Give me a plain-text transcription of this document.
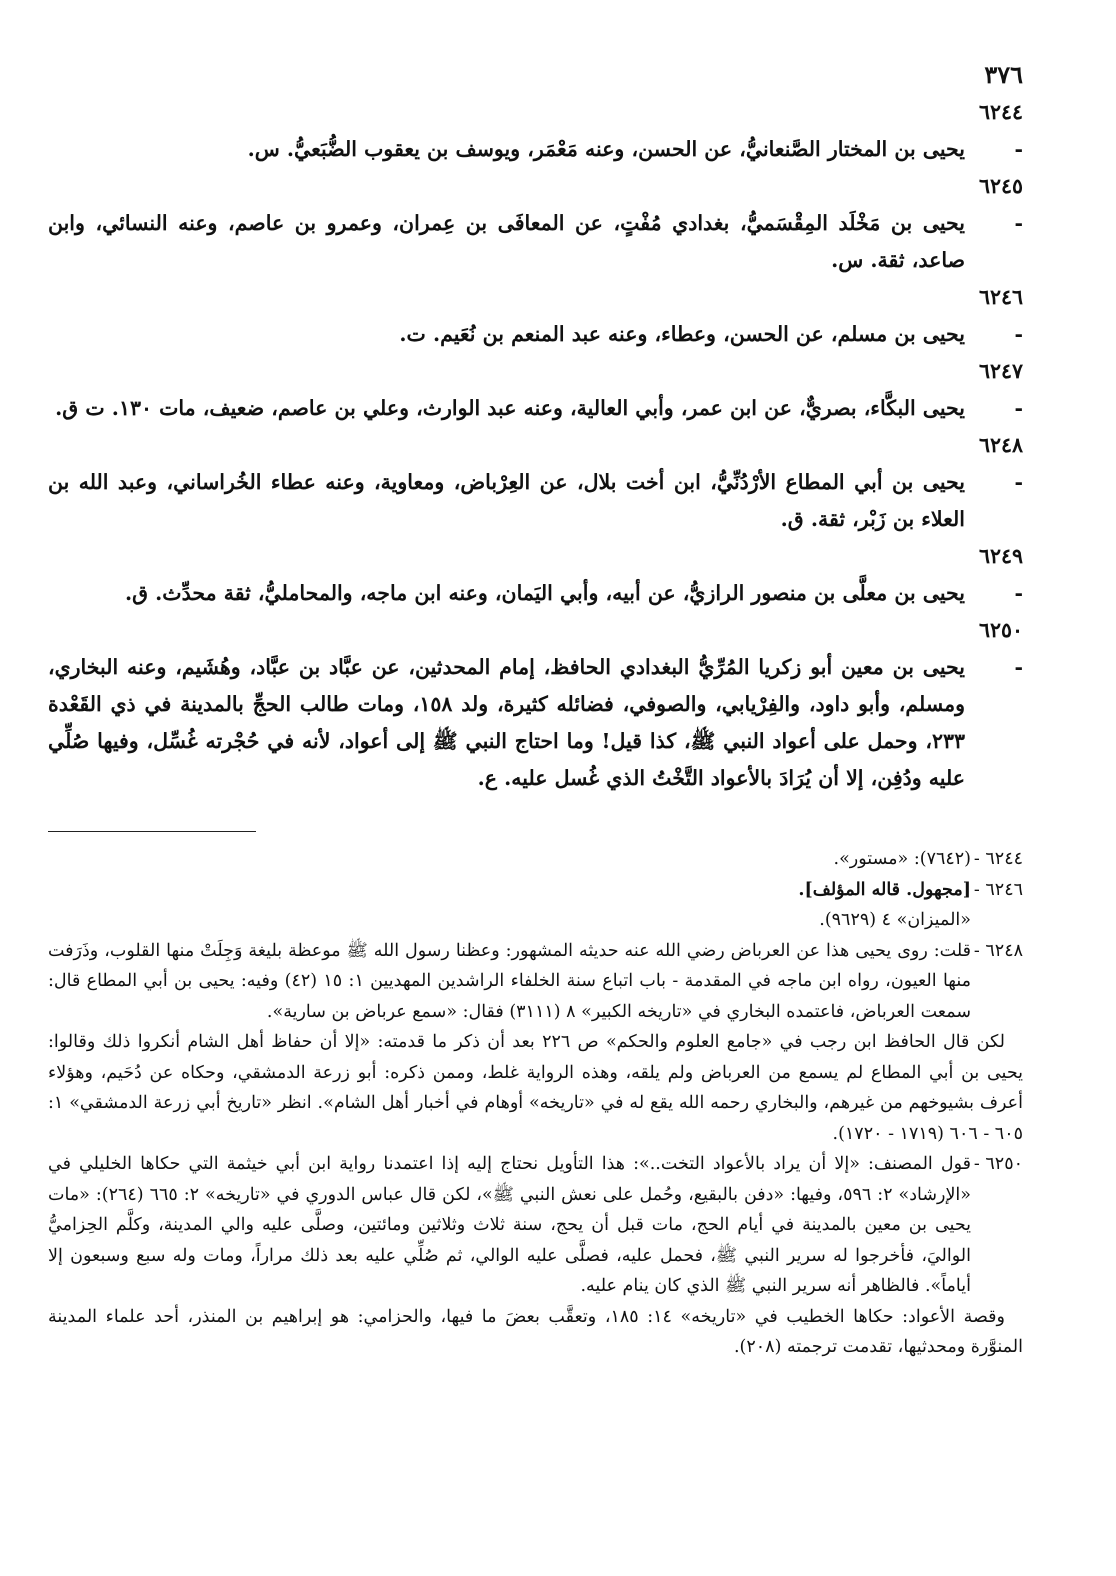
٣٧٦

٦٢٤٤ -يحيى بن المختار الصَّنعانيُّ، عن الحسن، وعنه مَعْمَر، ويوسف بن يعقوب الضُّبَعيُّ. س.

٦٢٤٥ -يحيى بن مَخْلَد المِقْسَميُّ، بغدادي مُفْتٍ، عن المعافَى بن عِمران، وعمرو بن عاصم، وعنه النسائي، وابن صاعد، ثقة. س.

٦٢٤٦ -يحيى بن مسلم، عن الحسن، وعطاء، وعنه عبد المنعم بن نُعَيم. ت.

٦٢٤٧ -يحيى البكَّاء، بصريٌّ، عن ابن عمر، وأبي العالية، وعنه عبد الوارث، وعلي بن عاصم، ضعيف، مات ١٣٠. ت ق.

٦٢٤٨ -يحيى بن أبي المطاع الأرْدُنِّيُّ، ابن أخت بلال، عن العِرْباض، ومعاوية، وعنه عطاء الخُراساني، وعبد الله بن العلاء بن زَبْر، ثقة. ق.

٦٢٤٩ -يحيى بن معلَّى بن منصور الرازيُّ، عن أبيه، وأبي اليَمان، وعنه ابن ماجه، والمحامليُّ، ثقة محدِّث. ق.

٦٢٥٠ -يحيى بن معين أبو زكريا المُرِّيُّ البغدادي الحافظ، إمام المحدثين، عن عبَّاد بن عبَّاد، وهُشَيم، وعنه البخاري، ومسلم، وأبو داود، والفِرْيابي، والصوفي، فضائله كثيرة، ولد ١٥٨، ومات طالب الحجِّ بالمدينة في ذي القَعْدة ٢٣٣، وحمل على أعواد النبي ﷺ، كذا قيل! وما احتاج النبي ﷺ إلى أعواد، لأنه في حُجْرته غُسِّل، وفيها صُلِّي عليه ودُفِن، إلا أن يُرَادَ بالأعواد التَّخْتُ الذي غُسل عليه. ع.

٦٢٤٤ -(٧٦٤٢): «مستور».

٦٢٤٦ -[مجهول. قاله المؤلف].

«الميزان» ٤ (٩٦٢٩).

٦٢٤٨ -قلت: روى يحيى هذا عن العرباض رضي الله عنه حديثه المشهور: وعظنا رسول الله ﷺ موعظة بليغة وَجِلَتْ منها القلوب، وذَرَفت منها العيون، رواه ابن ماجه في المقدمة - باب اتباع سنة الخلفاء الراشدين المهديين ١: ١٥ (٤٢) وفيه: يحيى بن أبي المطاع قال: سمعت العرباض، فاعتمده البخاري في «تاريخه الكبير» ٨ (٣١١١) فقال: «سمع عرباض بن سارية».

لكن قال الحافظ ابن رجب في «جامع العلوم والحكم» ص ٢٢٦ بعد أن ذكر ما قدمته: «إلا أن حفاظ أهل الشام أنكروا ذلك وقالوا: يحيى بن أبي المطاع لم يسمع من العرباض ولم يلقه، وهذه الرواية غلط، وممن ذكره: أبو زرعة الدمشقي، وحكاه عن دُحَيم، وهؤلاء أعرف بشيوخهم من غيرهم، والبخاري رحمه الله يقع له في «تاريخه» أوهام في أخبار أهل الشام». انظر «تاريخ أبي زرعة الدمشقي» ١: ٦٠٥ - ٦٠٦ (١٧١٩ - ١٧٢٠).

٦٢٥٠ -قول المصنف: «إلا أن يراد بالأعواد التخت..»: هذا التأويل نحتاج إليه إذا اعتمدنا رواية ابن أبي خيثمة التي حكاها الخليلي في «الإرشاد» ٢: ٥٩٦، وفيها: «دفن بالبقيع، وحُمل على نعش النبي ﷺ»، لكن قال عباس الدوري في «تاريخه» ٢: ٦٦٥ (٢٦٤): «مات يحيى بن معين بالمدينة في أيام الحج، مات قبل أن يحج، سنة ثلاث وثلاثين ومائتين، وصلَّى عليه والي المدينة، وكلَّم الحِزاميُّ الواليَ، فأخرجوا له سرير النبي ﷺ، فحمل عليه، فصلَّى عليه الوالي، ثم صُلِّي عليه بعد ذلك مراراً، ومات وله سبع وسبعون إلا أياماً». فالظاهر أنه سرير النبي ﷺ الذي كان ينام عليه.

وقصة الأعواد: حكاها الخطيب في «تاريخه» ١٤: ١٨٥، وتعقَّب بعضَ ما فيها، والحزامي: هو إبراهيم بن المنذر، أحد علماء المدينة المنوَّرة ومحدثيها، تقدمت ترجمته (٢٠٨).
